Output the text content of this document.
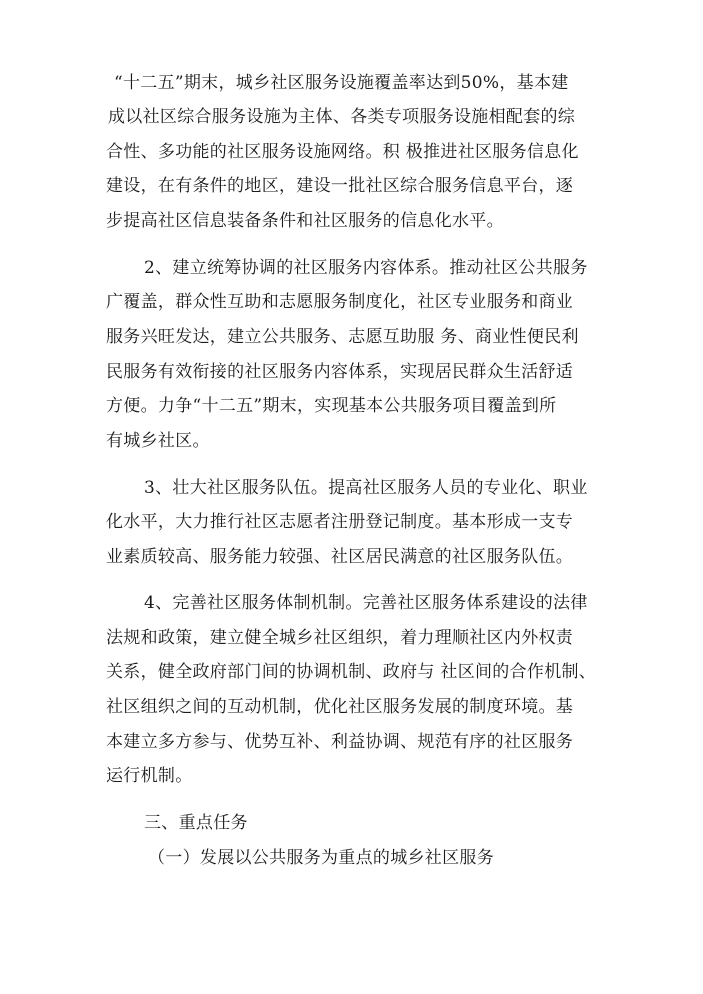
“十二五”期末，城乡社区服务设施覆盖率达到50%，基本建
成以社区综合服务设施为主体、各类专项服务设施相配套的综
合性、多功能的社区服务设施网络。积 极推进社区服务信息化
建设，在有条件的地区，建设一批社区综合服务信息平台，逐
步提高社区信息装备条件和社区服务的信息化水平。
2、建立统筹协调的社区服务内容体系。推动社区公共服务
广覆盖，群众性互助和志愿服务制度化，社区专业服务和商业
服务兴旺发达，建立公共服务、志愿互助服 务、商业性便民利
民服务有效衔接的社区服务内容体系，实现居民群众生活舒适
方便。力争“十二五”期末，实现基本公共服务项目覆盖到所
有城乡社区。
3、壮大社区服务队伍。提高社区服务人员的专业化、职业
化水平，大力推行社区志愿者注册登记制度。基本形成一支专
业素质较高、服务能力较强、社区居民满意的社区服务队伍。
4、完善社区服务体制机制。完善社区服务体系建设的法律
法规和政策，建立健全城乡社区组织，着力理顺社区内外权责
关系，健全政府部门间的协调机制、政府与 社区间的合作机制、
社区组织之间的互动机制，优化社区服务发展的制度环境。基
本建立多方参与、优势互补、利益协调、规范有序的社区服务
运行机制。
三、重点任务
（一）发展以公共服务为重点的城乡社区服务
